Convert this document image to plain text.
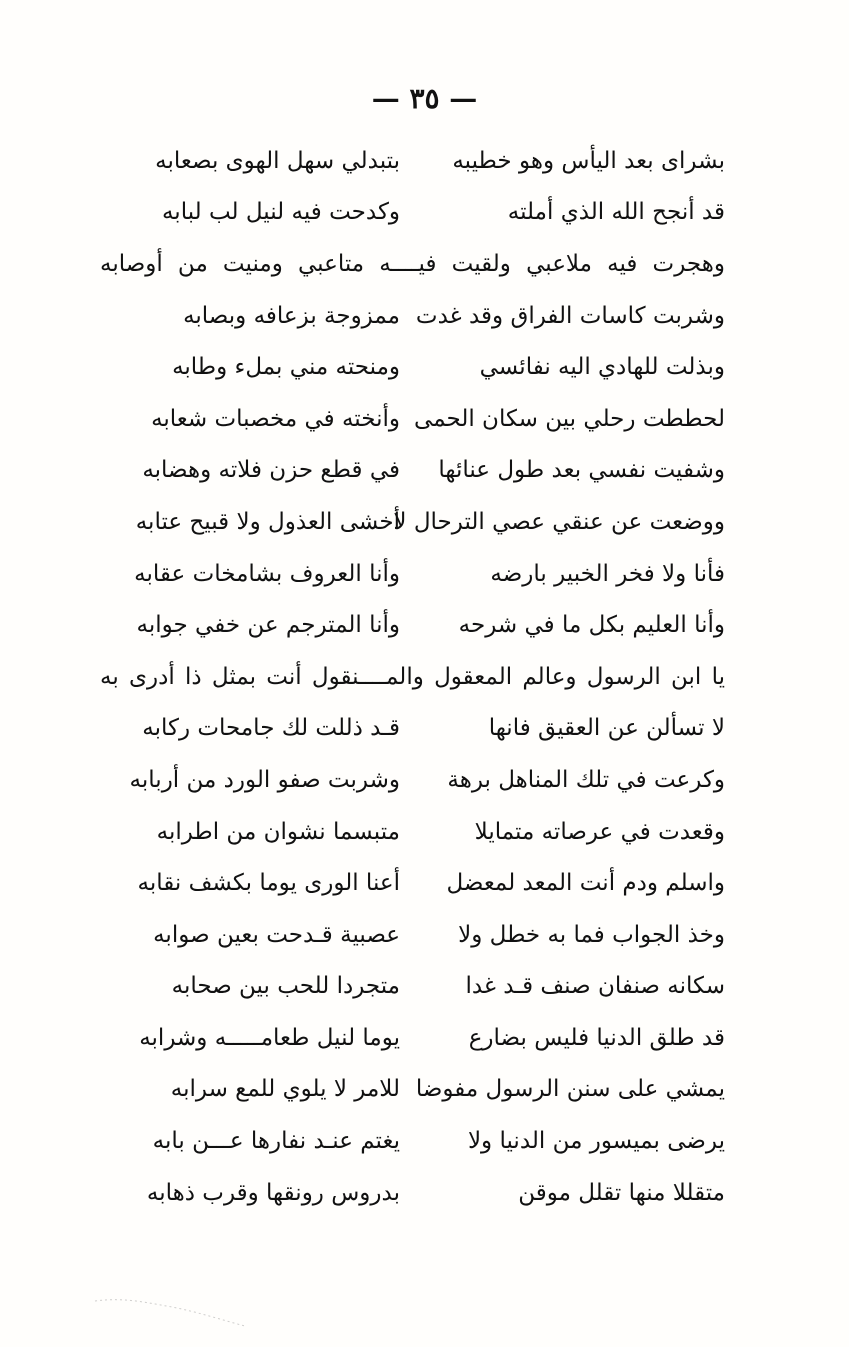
— ٣٥ —
بشراى بعد اليأس وهو خطيبه
بتبدلي سهل الهوى بصعابه
قد أنجح الله الذي أملته
وكدحت فيه لنيل لب لبابه
وهجرت فيه ملاعبي ولقيت فيــــه متاعبي ومنيت من أوصابه
وشربت كاسات الفراق وقد غدت
ممزوجة بزعافه وبصابه
وبذلت للهادي اليه نفائسي
ومنحته مني بملء وطابه
لحططت رحلي بين سكان الحمى
وأنخته في مخصبات شعابه
وشفيت نفسي بعد طول عنائها
في قطع حزن فلاته وهضابه
ووضعت عن عنقي عصي الترحال لا
أخشى العذول ولا قبيح عتابه
فأنا ولا فخر الخبير بارضه
وأنا العروف بشامخات عقابه
وأنا العليم بكل ما في شرحه
وأنا المترجم عن خفي جوابه
يا ابن الرسول وعالم المعقول والمــــنقول أنت بمثل ذا أدرى به
لا تسألن عن العقيق فانها
قـد ذللت لك جامحات ركابه
وكرعت في تلك المناهل برهة
وشربت صفو الورد من أربابه
وقعدت في عرصاته متمايلا
متبسما نشوان من اطرابه
واسلم ودم أنت المعد لمعضل
أعنا الورى يوما بكشف نقابه
وخذ الجواب فما به خطل ولا
عصبية قـدحت بعين صوابه
سكانه صنفان صنف قـد غدا
متجردا للحب بين صحابه
قد طلق الدنيا فليس بضارع
يوما لنيل طعامـــــه وشرابه
يمشي على سنن الرسول مفوضا
للامر لا يلوي للمع سرابه
يرضى بميسور من الدنيا ولا
يغتم عنـد نفارها عـــن بابه
متقللا منها تقلل موقن
بدروس رونقها وقرب ذهابه
